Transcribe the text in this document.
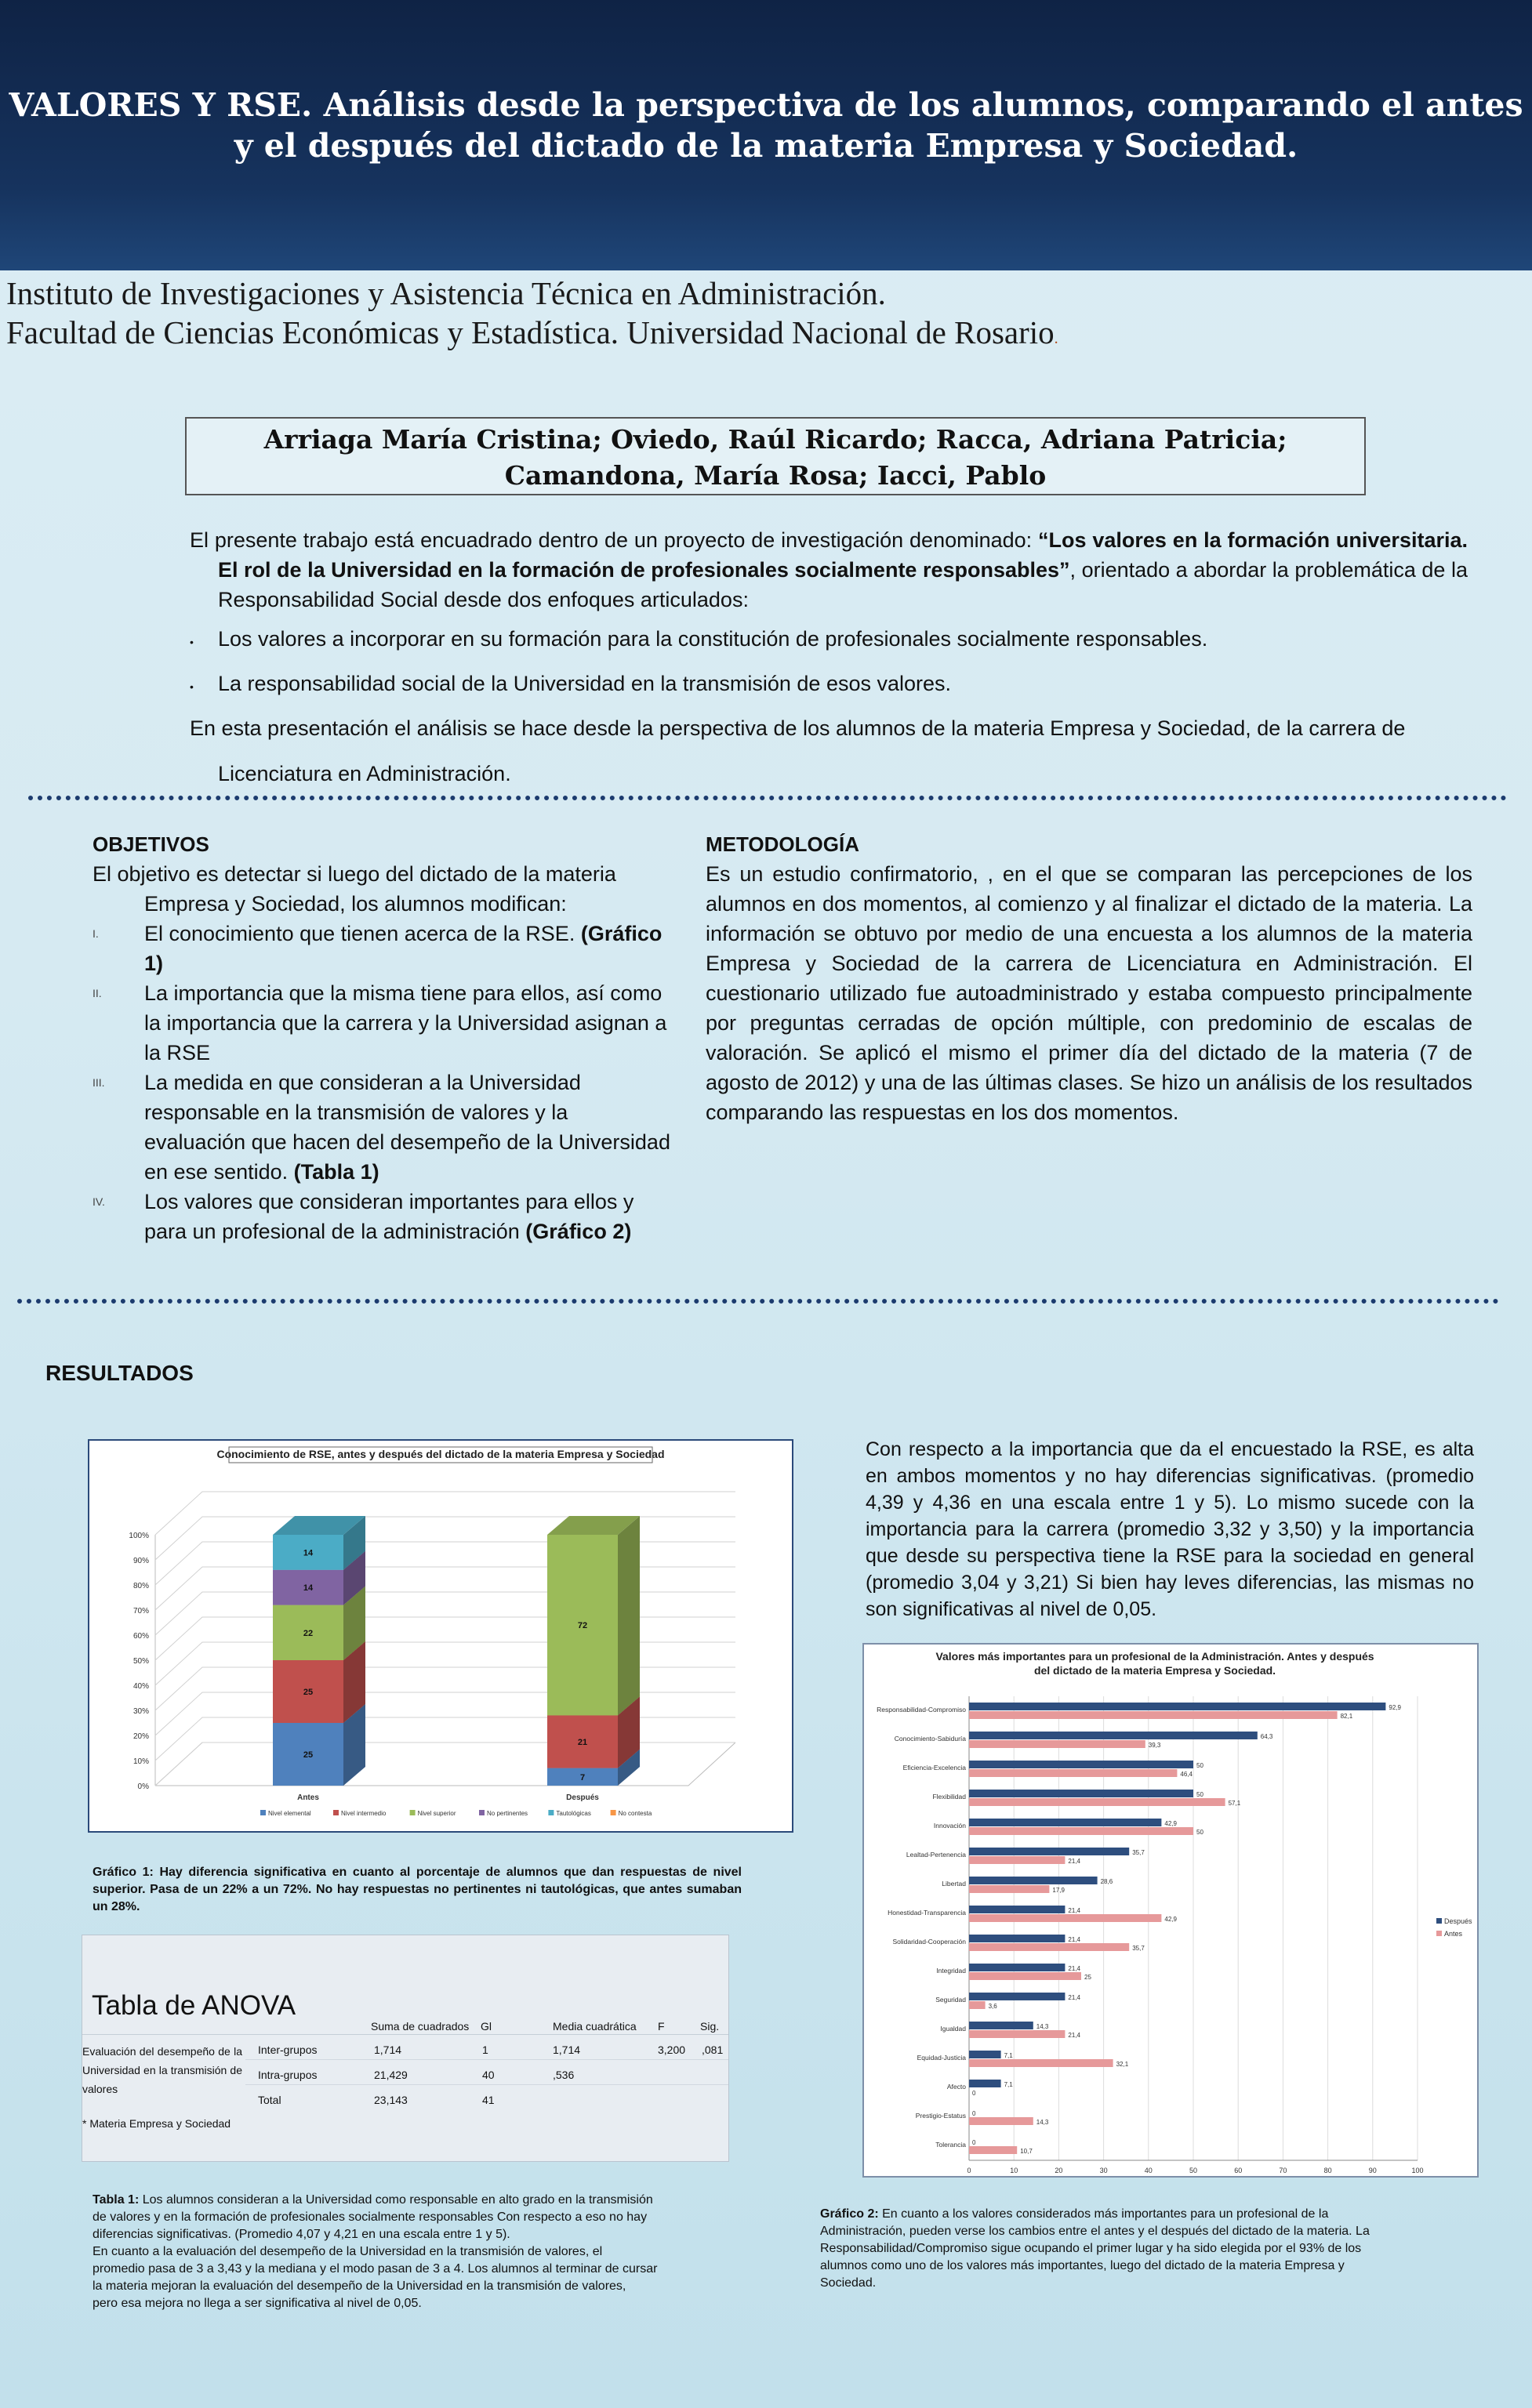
VALORES Y RSE. Análisis desde la perspectiva de los alumnos, comparando el antes
y el después del dictado de la materia Empresa y Sociedad.
Instituto de Investigaciones y Asistencia Técnica en Administración.
Facultad de Ciencias Económicas y Estadística. Universidad Nacional de Rosario.
Arriaga María Cristina; Oviedo, Raúl Ricardo; Racca, Adriana Patricia;
Camandona, María Rosa; Iacci, Pablo
El presente trabajo está encuadrado dentro de un proyecto de investigación denominado: “Los valores en la formación universitaria. El rol de la Universidad en la formación de profesionales socialmente responsables”, orientado a abordar la problemática de la Responsabilidad Social desde dos enfoques articulados:
• Los valores a incorporar en su formación para la constitución de profesionales socialmente responsables.
• La responsabilidad social de la Universidad en la transmisión de esos valores.
En esta presentación el análisis se hace desde la perspectiva de los alumnos de la materia Empresa y Sociedad, de la carrera de
Licenciatura en Administración.
OBJETIVOS
El objetivo es detectar si luego del dictado de la materia
Empresa y Sociedad, los alumnos modifican:
I. El conocimiento que tienen acerca de la RSE. (Gráfico 1)
II. La importancia que la misma tiene para ellos, así como la importancia que la carrera y la Universidad asignan a la RSE
III. La medida en que consideran a la Universidad responsable en la transmisión de valores y la evaluación que hacen del desempeño de la Universidad en ese sentido. (Tabla 1)
IV. Los valores que consideran importantes para ellos y para un profesional de la administración (Gráfico 2)
METODOLOGÍA
Es un estudio confirmatorio, , en el que se comparan las percepciones de los alumnos en dos momentos, al comienzo y al finalizar el dictado de la materia. La información se obtuvo por medio de una encuesta a los alumnos de la materia Empresa y Sociedad de la carrera de Licenciatura en Administración. El cuestionario utilizado fue autoadministrado y estaba compuesto principalmente por preguntas cerradas de opción múltiple, con predominio de escalas de valoración. Se aplicó el mismo el primer día del dictado de la materia (7 de agosto de 2012) y una de las últimas clases. Se hizo un análisis de los resultados comparando las respuestas en los dos momentos.
RESULTADOS
Conocimiento de RSE, antes y después del dictado de la materia Empresa y Sociedad
0%
10%
20%
30%
40%
50%
60%
70%
80%
90%
100%
25
25
22
14
14
Antes
7
21
72
Después
Nivel elemental	Nivel intermedio	Nivel superior	No pertinentes	Tautológicas	No contesta
Gráfico 1: Hay diferencia significativa en cuanto al porcentaje de alumnos que dan respuestas de nivel superior. Pasa de un 22% a un 72%. No hay respuestas no pertinentes ni tautológicas, que antes sumaban un 28%.
Con respecto a la importancia que da el encuestado la RSE, es alta en ambos momentos y no hay diferencias significativas. (promedio 4,39 y 4,36 en una escala entre 1 y 5). Lo mismo sucede con la importancia para la carrera (promedio 3,32 y 3,50) y la importancia que desde su perspectiva tiene la RSE para la sociedad en general (promedio 3,04 y 3,21) Si bien hay leves diferencias, las mismas no son significativas al nivel de 0,05.
Valores más importantes para un profesional de la Administración. Antes y después
del dictado de la materia Empresa y Sociedad.
0	10	20	30	40	50	60	70	80	90	100
Responsabilidad-Compromiso	92,9
82,1
Conocimiento-Sabiduría	64,3
39,3
Eficiencia-Excelencia	50
46,4
Flexibilidad	50
57,1
Innovación	42,9
50
Lealtad-Pertenencia	35,7
21,4
Libertad	28,6
17,9
Honestidad-Transparencia	21,4
42,9
Solidaridad-Cooperación	21,4
35,7
Integridad	21,4
25
Seguridad	21,4
3,6
Igualdad	14,3
21,4
Equidad-Justicia	7,1
32,1
Afecto	7,1
0
Prestigio-Estatus 0
14,3
Tolerancia 0
10,7
Después
Antes
Tabla de ANOVA
Suma de cuadrados Gl	Media cuadrática F	Sig.
Evaluación del desempeño de la Universidad en la transmisión de valores
* Materia Empresa y Sociedad
Inter-grupos	1,714	1	1,714	3,200 ,081
Intra-grupos	21,429	40	,536
Total	23,143	41
Tabla 1: Los alumnos consideran a la Universidad como responsable en alto grado en la transmisión
de valores y en la formación de profesionales socialmente responsables Con respecto a eso no hay
diferencias significativas. (Promedio 4,07 y 4,21 en una escala entre 1 y 5).
En cuanto a la evaluación del desempeño de la Universidad en la transmisión de valores, el
promedio pasa de 3 a 3,43 y la mediana y el modo pasan de 3 a 4. Los alumnos al terminar de cursar
la materia mejoran la evaluación del desempeño de la Universidad en la transmisión de valores,
pero esa mejora no llega a ser significativa al nivel de 0,05.
Gráfico 2: En cuanto a los valores considerados más importantes para un profesional de la
Administración, pueden verse los cambios entre el antes y el después del dictado de la materia. La
Responsabilidad/Compromiso sigue ocupando el primer lugar y ha sido elegida por el 93% de los
alumnos como uno de los valores más importantes, luego del dictado de la materia Empresa y
Sociedad.
